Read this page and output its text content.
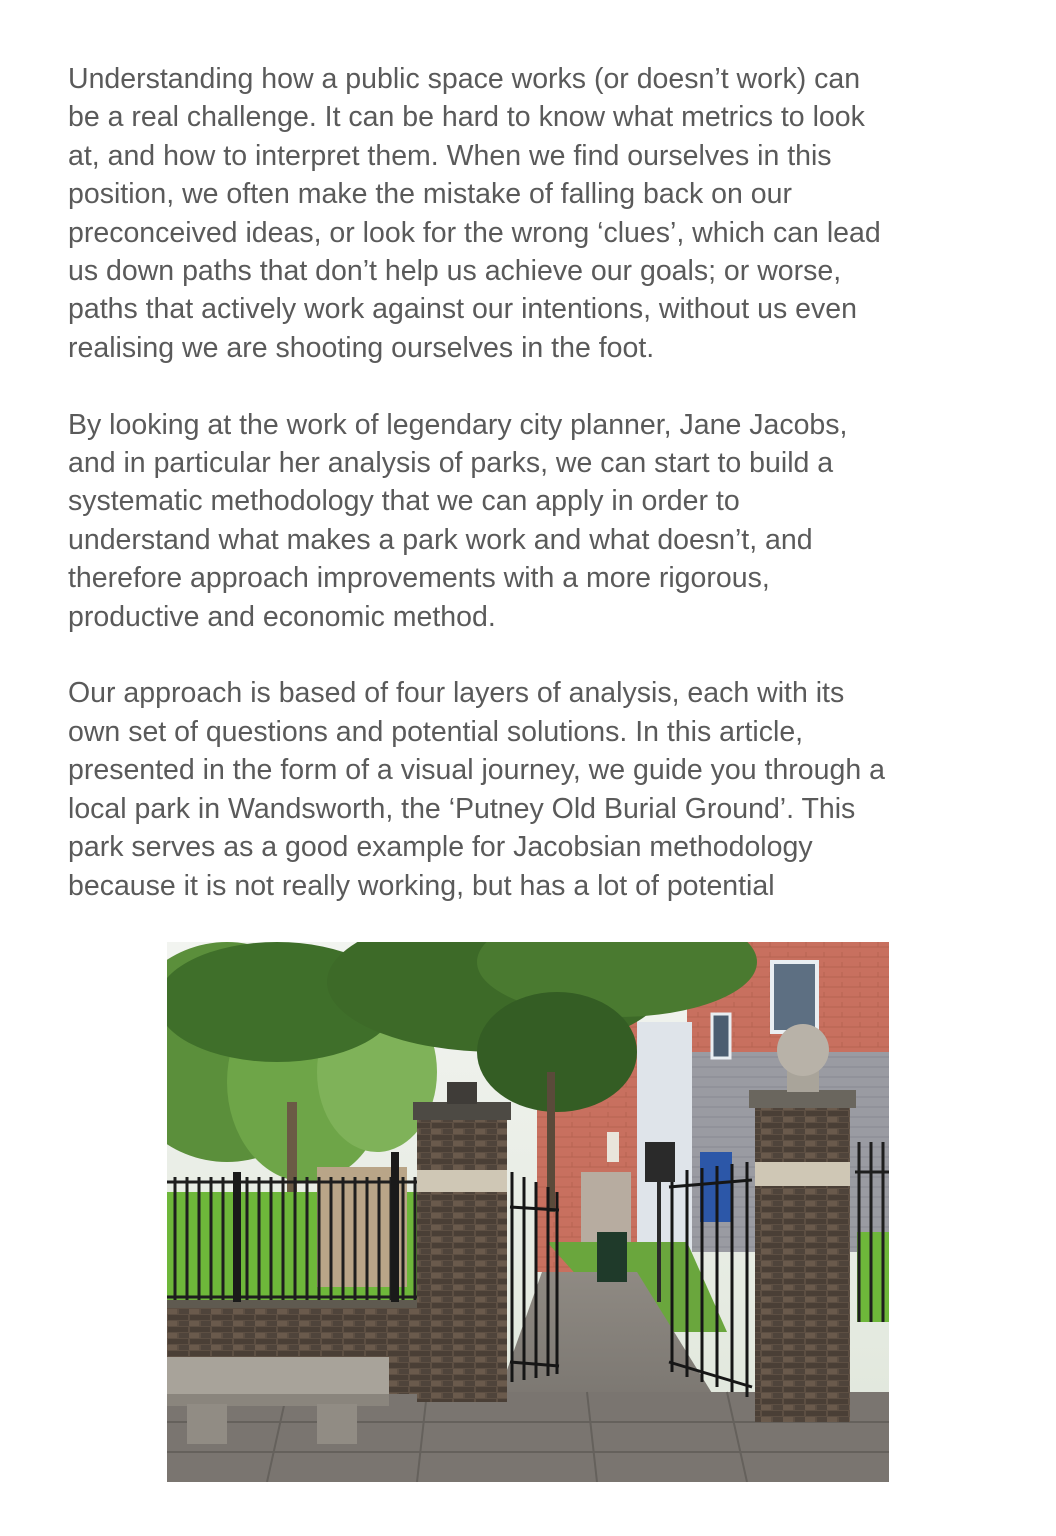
Understanding how a public space works (or doesn’t work) can
be a real challenge. It can be hard to know what metrics to look
at, and how to interpret them. When we find ourselves in this
position, we often make the mistake of falling back on our
preconceived ideas, or look for the wrong ‘clues’, which can lead
us down paths that don’t help us achieve our goals; or worse,
paths that actively work against our intentions, without us even
realising we are shooting ourselves in the foot.

By looking at the work of legendary city planner, Jane Jacobs,
and in particular her analysis of parks, we can start to build a
systematic methodology that we can apply in order to
understand what makes a park work and what doesn’t, and
therefore approach improvements with a more rigorous,
productive and economic method.

Our approach is based of four layers of analysis, each with its
own set of questions and potential solutions. In this article,
presented in the form of a visual journey, we guide you through a
local park in Wandsworth, the ‘Putney Old Burial Ground’. This
park serves as a good example for Jacobsian methodology
because it is not really working, but has a lot of potential
